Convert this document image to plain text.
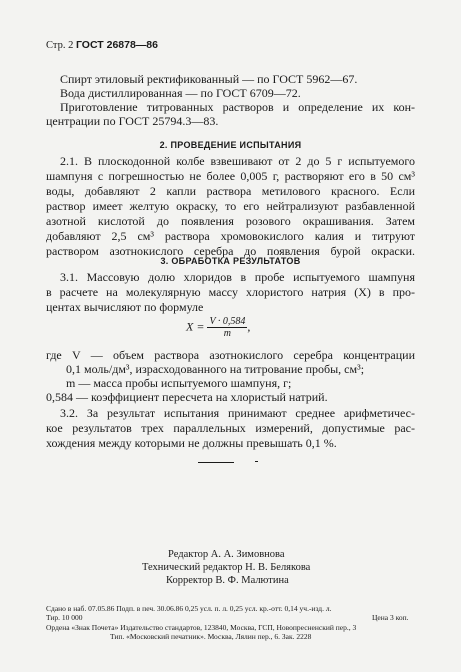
Стр. 2 ГОСТ 26878—86
Спирт этиловый ректификованный — по ГОСТ 5962—67.
Вода дистиллированная — по ГОСТ 6709—72.
Приготовление титрованных растворов и определение их кон-
центрации по ГОСТ 25794.3—83.
2. ПРОВЕДЕНИЕ ИСПЫТАНИЯ
2.1. В плоскодонной колбе взвешивают от 2 до 5 г испытуемого
шампуня с погрешностью не более 0,005 г, растворяют его в 50 см³
воды, добавляют 2 капли раствора метилового красного. Если
раствор имеет желтую окраску, то его нейтрализуют разбавленной
азотной кислотой до появления розового окрашивания. Затем
добавляют 2,5 см³ раствора хромовокислого калия и титруют
раствором азотнокислого серебра до появления бурой окраски.
3. ОБРАБОТКА РЕЗУЛЬТАТОВ
3.1. Массовую долю хлоридов в пробе испытуемого шампуня
в расчете на молекулярную массу хлористого натрия (X) в про-
центах вычисляют по формуле
$X = \frac{V \cdot 0,584}{m}$ ,
где V — объем раствора азотнокислого серебра концентрации
0,1 моль/дм³, израсходованного на титрование пробы, см³;
m — масса пробы испытуемого шампуня, г;
0,584 — коэффициент пересчета на хлористый натрий.
3.2. За результат испытания принимают среднее арифметичес-
кое результатов трех параллельных измерений, допустимые рас-
хождения между которыми не должны превышать 0,1 %.
Редактор А. А. Зимовнова
Технический редактор Н. В. Белякова
Корректор В. Ф. Малютина
Сдано в наб. 07.05.86 Подп. в печ. 30.06.86 0,25 усл. п. л. 0,25 усл. кр.-отт. 0,14 уч.-изд. л.
Тир. 10 000	Цена 3 коп.
Ордена «Знак Почета» Издательство стандартов, 123840, Москва, ГСП, Новопресненский пер., 3
Тип. «Московский печатник». Москва, Лялин пер., 6. Зак. 2228
